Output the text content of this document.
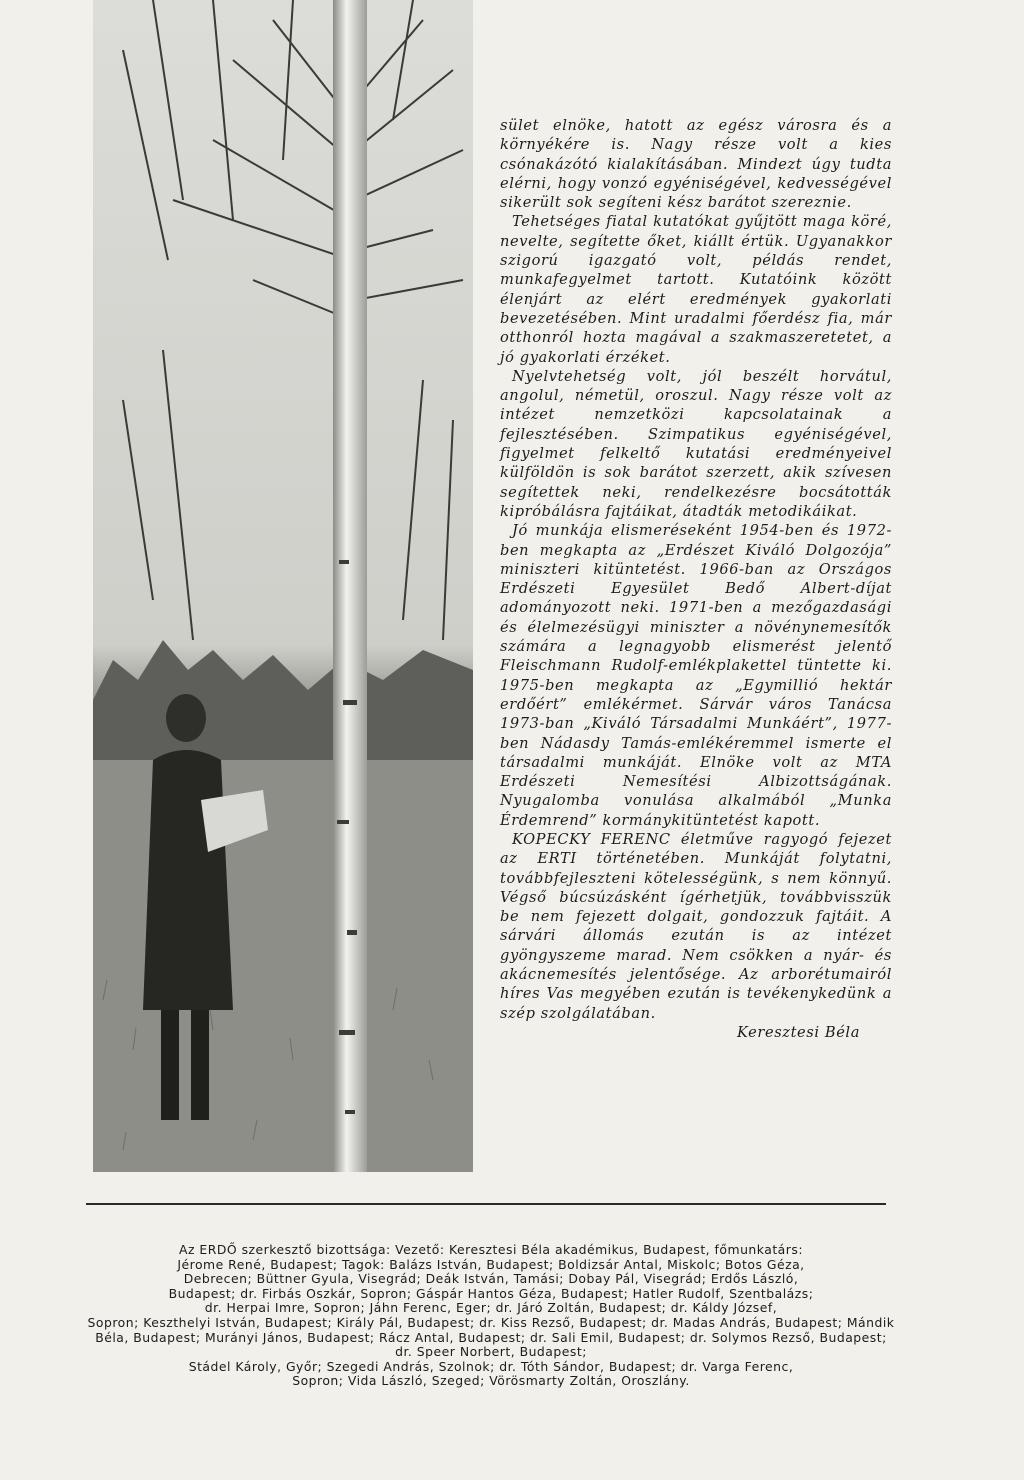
sület elnöke, hatott az egész városra és a környékére is. Nagy része volt a kies csónakázótó kialakításában. Mindezt úgy tudta elérni, hogy vonzó egyéniségével, kedvességével sikerült sok segíteni kész barátot szereznie.

Tehetséges fiatal kutatókat gyűjtött maga köré, nevelte, segítette őket, kiállt értük. Ugyanakkor szigorú igazgató volt, példás rendet, munkafegyelmet tartott. Kutatóink között élenjárt az elért eredmények gyakorlati bevezetésében. Mint uradalmi főerdész fia, már otthonról hozta magával a szakmaszeretetet, a jó gyakorlati érzéket.

Nyelvtehetség volt, jól beszélt horvátul, angolul, németül, oroszul. Nagy része volt az intézet nemzetközi kapcsolatainak a fejlesztésében. Szimpatikus egyéniségével, figyelmet felkeltő kutatási eredményeivel külföldön is sok barátot szerzett, akik szívesen segítettek neki, rendelkezésre bocsátották kipróbálásra fajtáikat, átadták metodikáikat.

Jó munkája elismeréseként 1954-ben és 1972-ben megkapta az „Erdészet Kiváló Dolgozója” miniszteri kitüntetést. 1966-ban az Országos Erdészeti Egyesület Bedő Albert-díjat adományozott neki. 1971-ben a mezőgazdasági és élelmezésügyi miniszter a növénynemesítők számára a legnagyobb elismerést jelentő Fleischmann Rudolf-emlékplakettel tüntette ki. 1975-ben megkapta az „Egymillió hektár erdőért” emlékérmet. Sárvár város Tanácsa 1973-ban „Kiváló Társadalmi Munkáért”, 1977-ben Nádasdy Tamás-emlékéremmel ismerte el társadalmi munkáját. Elnöke volt az MTA Erdészeti Nemesítési Albizottságának. Nyugalomba vonulása alkalmából „Munka Érdemrend” kormánykitüntetést kapott.

KOPECKY FERENC életműve ragyogó fejezet az ERTI történetében. Munkáját folytatni, továbbfejleszteni kötelességünk, s nem könnyű. Végső búcsúzásként ígérhetjük, továbbvisszük be nem fejezett dolgait, gondozzuk fajtáit. A sárvári állomás ezután is az intézet gyöngyszeme marad. Nem csökken a nyár- és akácnemesítés jelentősége. Az arborétumairól híres Vas megyében ezután is tevékenykedünk a szép szolgálatában.

Keresztesi Béla

Az ERDŐ szerkesztő bizottsága: Vezető: Keresztesi Béla akadémikus, Budapest, főmunkatárs:

Jérome René, Budapest; Tagok: Balázs István, Budapest; Boldizsár Antal, Miskolc; Botos Géza,

Debrecen; Büttner Gyula, Visegrád; Deák István, Tamási; Dobay Pál, Visegrád; Erdős László,

Budapest; dr. Firbás Oszkár, Sopron; Gáspár Hantos Géza, Budapest; Hatler Rudolf, Szentbalázs;

dr. Herpai Imre, Sopron; Jáhn Ferenc, Eger; dr. Járó Zoltán, Budapest; dr. Káldy József,

Sopron; Keszthelyi István, Budapest; Király Pál, Budapest; dr. Kiss Rezső, Budapest; dr. Madas András, Budapest; Mándik Béla, Budapest; Murányi János, Budapest; Rácz Antal, Budapest; dr. Sali Emil, Budapest; dr. Solymos Rezső, Budapest; dr. Speer Norbert, Budapest;

Stádel Károly, Győr; Szegedi András, Szolnok; dr. Tóth Sándor, Budapest; dr. Varga Ferenc,

Sopron; Vida László, Szeged; Vörösmarty Zoltán, Oroszlány.
